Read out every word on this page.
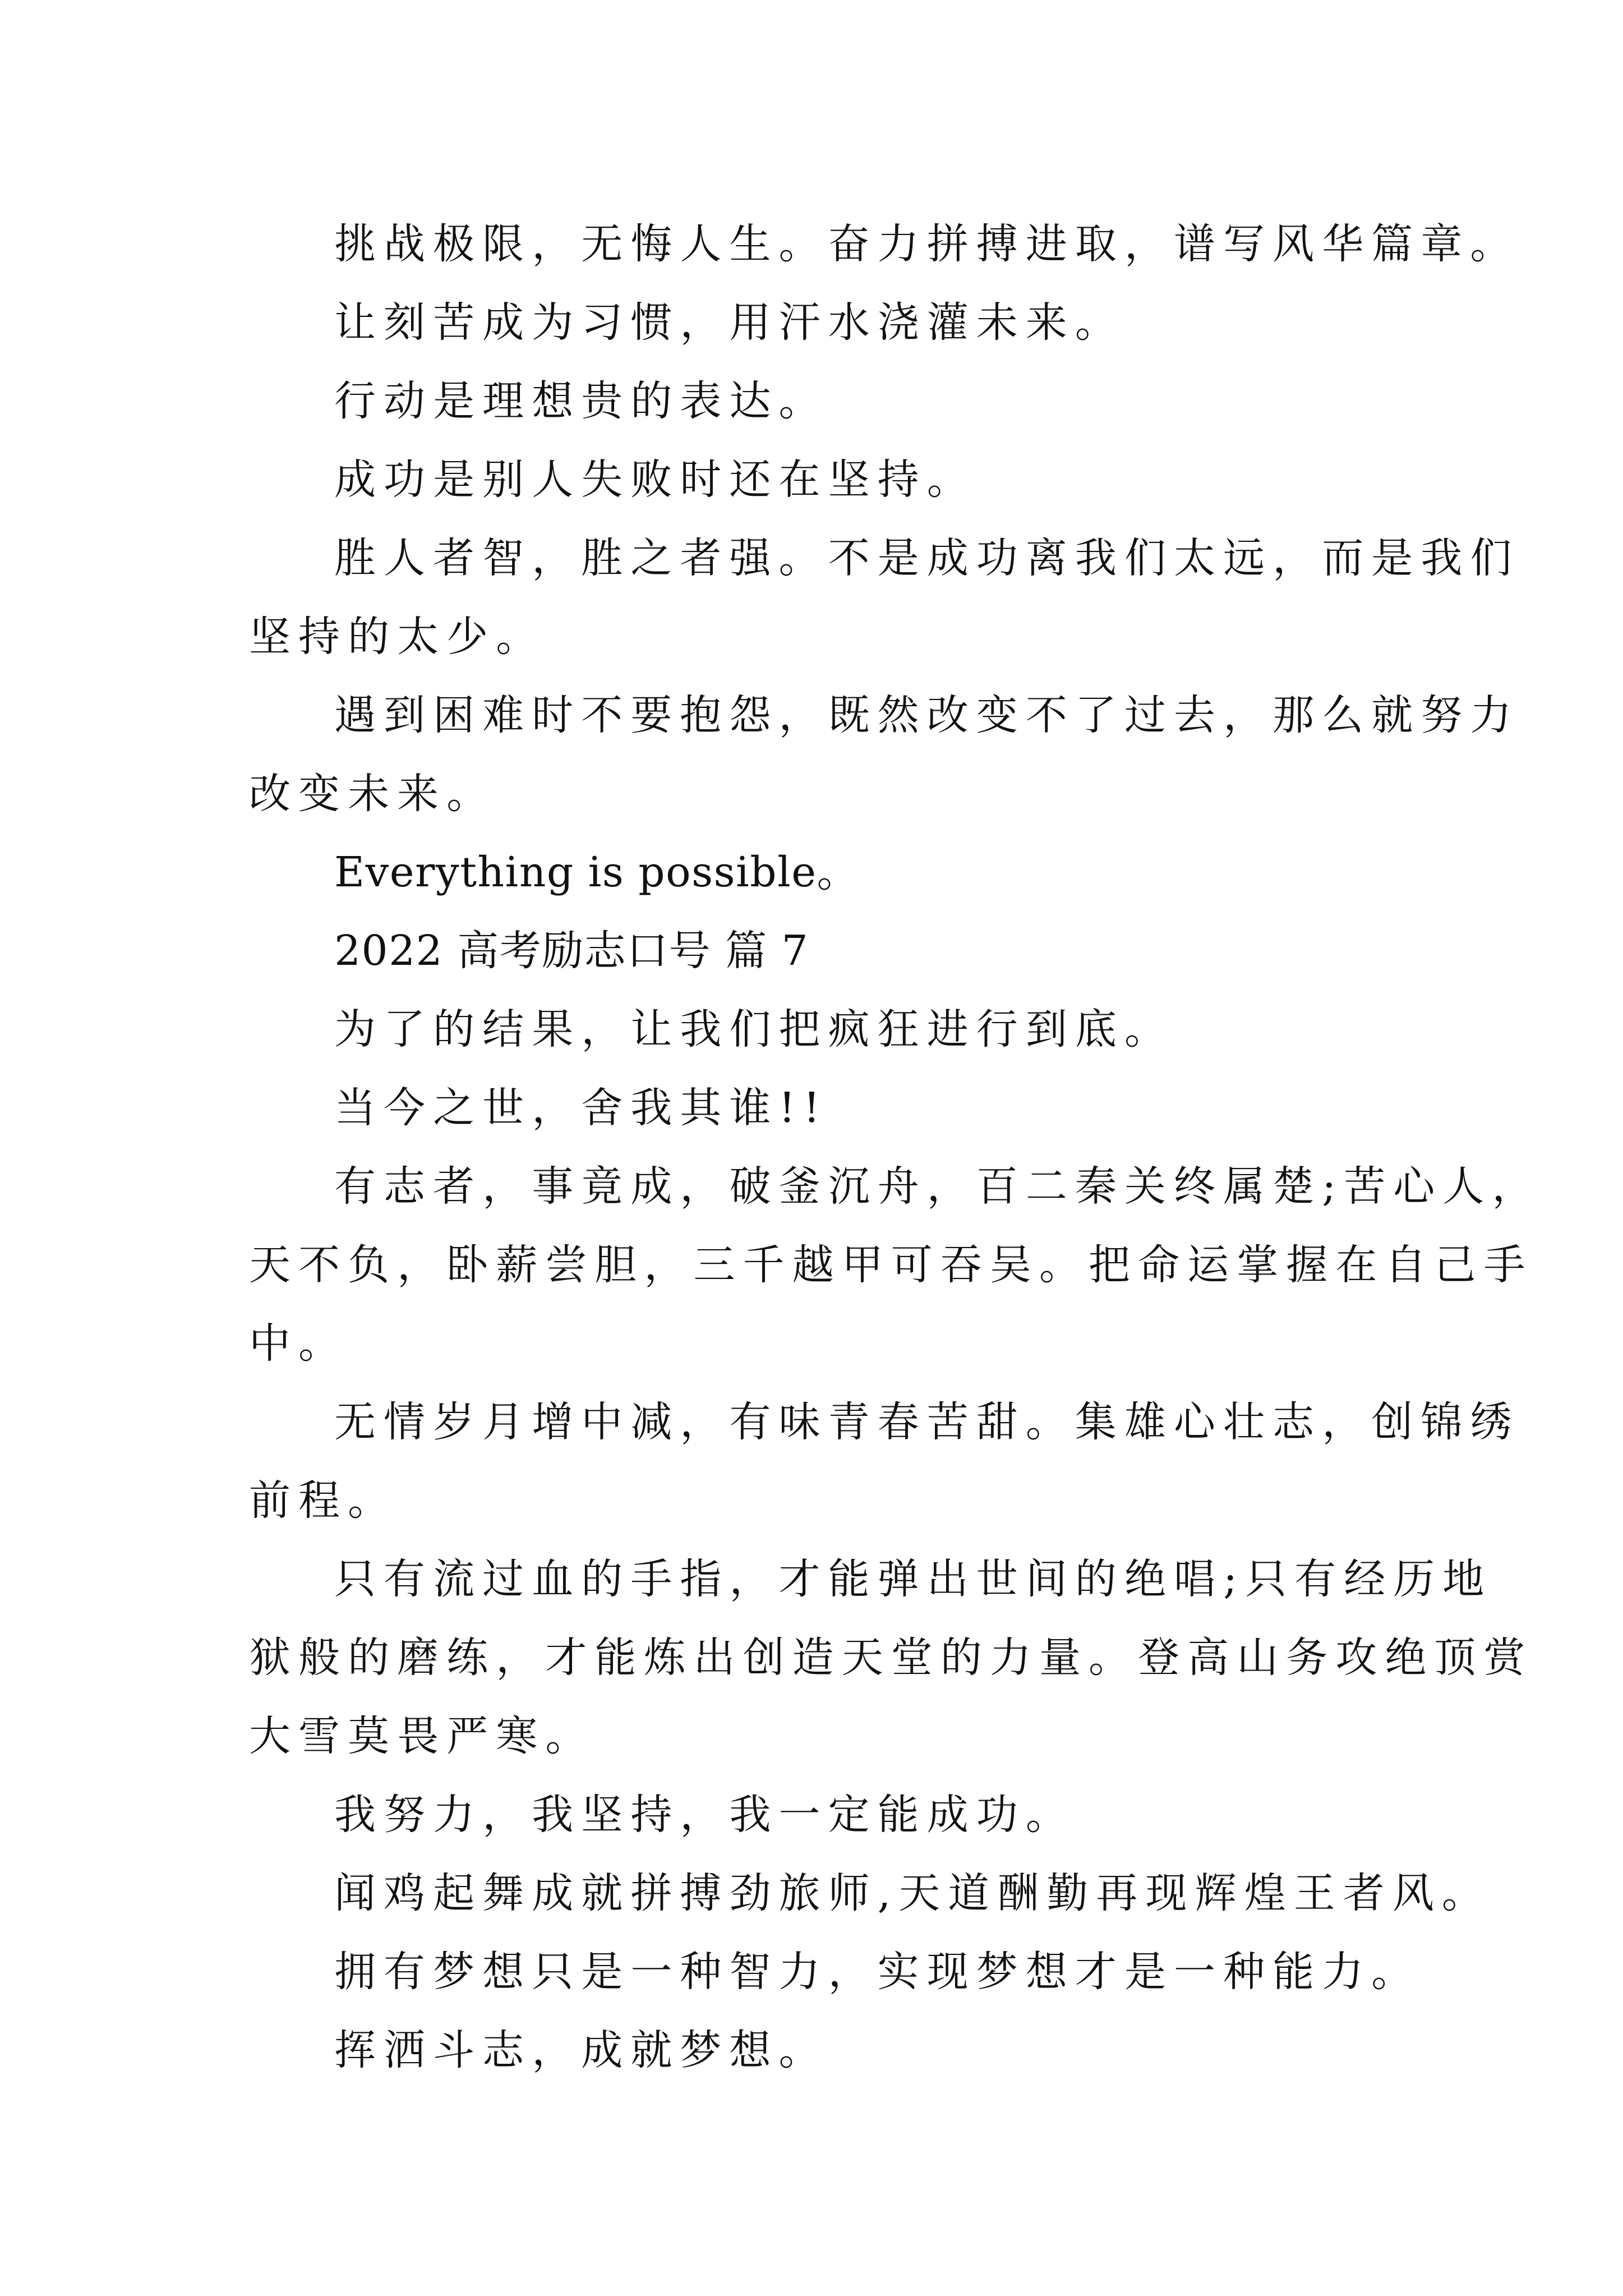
挑战极限，无悔人生。奋力拼搏进取，谱写风华篇章。
让刻苦成为习惯，用汗水浇灌未来。
行动是理想贵的表达。
成功是别人失败时还在坚持。
胜人者智，胜之者强。不是成功离我们太远，而是我们
坚持的太少。
遇到困难时不要抱怨，既然改变不了过去，那么就努力
改变未来。
Everything is possible。
2022 高考励志口号 篇 7
为了的结果，让我们把疯狂进行到底。
当今之世，舍我其谁!!
有志者，事竟成，破釜沉舟，百二秦关终属楚;苦心人，
天不负，卧薪尝胆，三千越甲可吞吴。把命运掌握在自己手
中。
无情岁月增中减，有味青春苦甜。集雄心壮志，创锦绣
前程。
只有流过血的手指，才能弹出世间的绝唱;只有经历地
狱般的磨练，才能炼出创造天堂的力量。登高山务攻绝顶赏
大雪莫畏严寒。
我努力，我坚持，我一定能成功。
闻鸡起舞成就拼搏劲旅师,天道酬勤再现辉煌王者风。
拥有梦想只是一种智力，实现梦想才是一种能力。
挥洒斗志，成就梦想。
